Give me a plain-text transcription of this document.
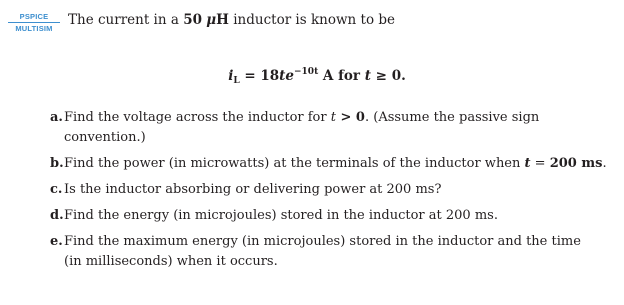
PSPICE
MULTISIM
The current in a 50 μH inductor is known to be
$i_L = 18te^{-10t}$ A for t ≥ 0.
a. Find the voltage across the inductor for t > 0. (Assume the passive sign
convention.)
b. Find the power (in microwatts) at the terminals of the inductor when t = 200 ms.
c. Is the inductor absorbing or delivering power at 200 ms?
d. Find the energy (in microjoules) stored in the inductor at 200 ms.
e. Find the maximum energy (in microjoules) stored in the inductor and the time
(in milliseconds) when it occurs.
